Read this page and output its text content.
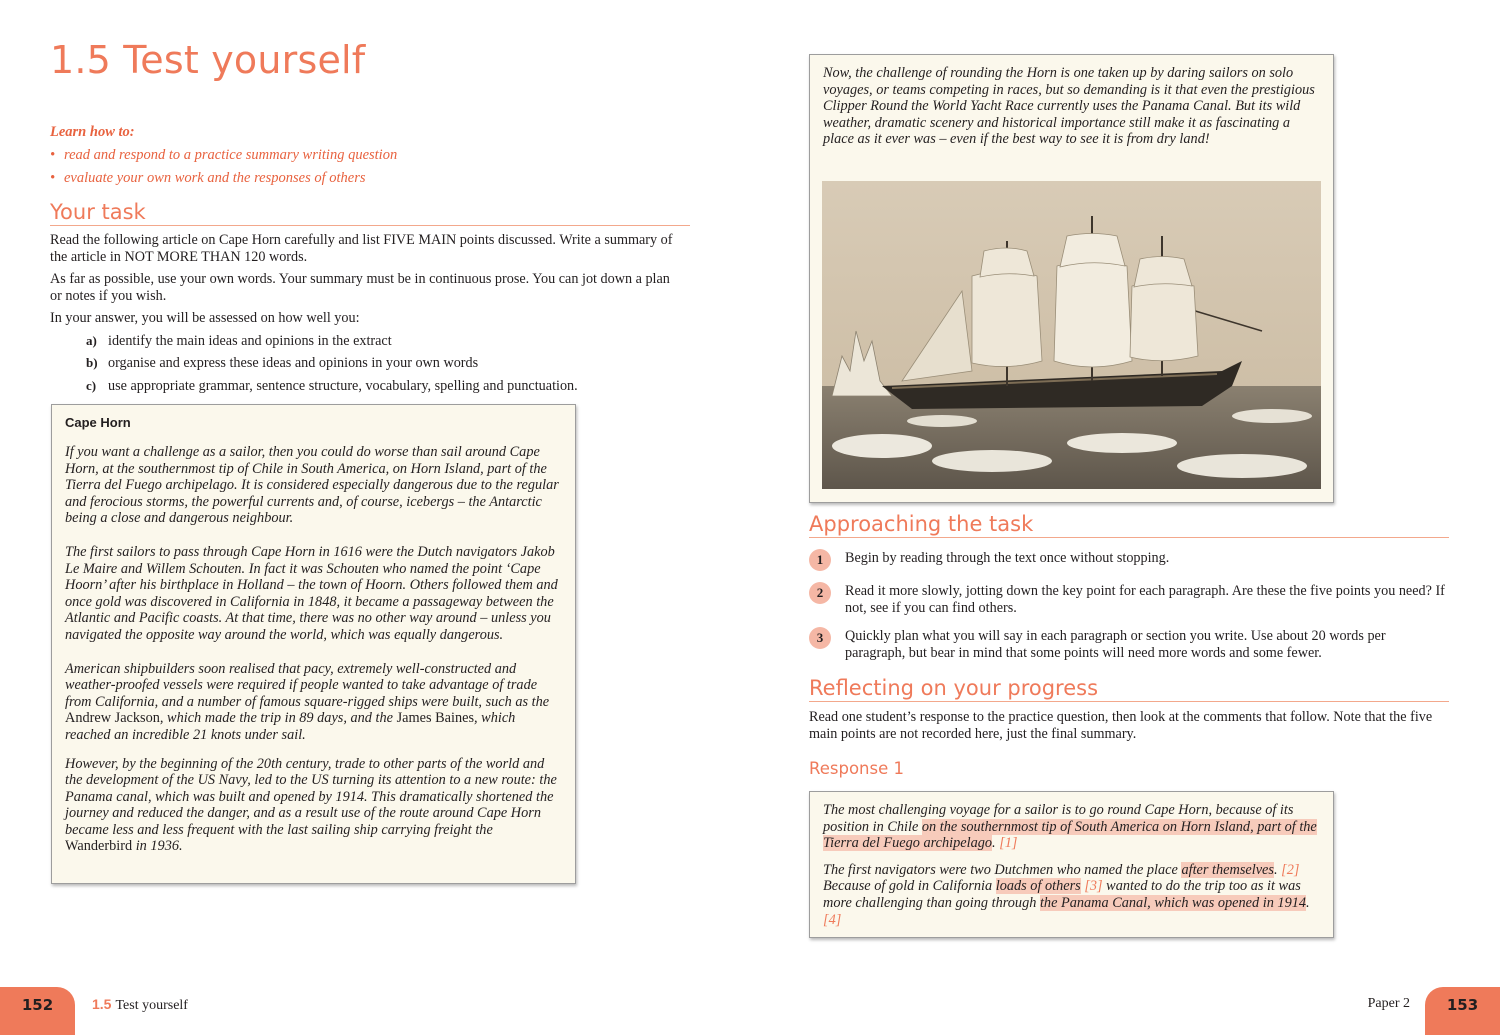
1.5 Test yourself
Learn how to:
• read and respond to a practice summary writing question
• evaluate your own work and the responses of others
Your task

Read the following article on Cape Horn carefully and list FIVE MAIN points discussed. Write a summary of the article in NOT MORE THAN 120 words.

As far as possible, use your own words. Your summary must be in continuous prose. You can jot down a plan or notes if you wish.

In your answer, you will be assessed on how well you:

a) identify the main ideas and opinions in the extract
b) organise and express these ideas and opinions in your own words
c) use appropriate grammar, sentence structure, vocabulary, spelling and punctuation.
Cape Horn

If you want a challenge as a sailor, then you could do worse than sail around Cape Horn, at the southernmost tip of Chile in South America, on Horn Island, part of the Tierra del Fuego archipelago. It is considered especially dangerous due to the regular and ferocious storms, the powerful currents and, of course, icebergs – the Antarctic being a close and dangerous neighbour.

The first sailors to pass through Cape Horn in 1616 were the Dutch navigators Jakob Le Maire and Willem Schouten. In fact it was Schouten who named the point ‘Cape Hoorn’ after his birthplace in Holland – the town of Hoorn. Others followed them and once gold was discovered in California in 1848, it became a passageway between the Atlantic and Pacific coasts. At that time, there was no other way around – unless you navigated the opposite way around the world, which was equally dangerous.

American shipbuilders soon realised that pacy, extremely well-constructed and weather-proofed vessels were required if people wanted to take advantage of trade from California, and a number of famous square-rigged ships were built, such as the Andrew Jackson, which made the trip in 89 days, and the James Baines, which reached an incredible 21 knots under sail.

However, by the beginning of the 20th century, trade to other parts of the world and the development of the US Navy, led to the US turning its attention to a new route: the Panama canal, which was built and opened by 1914. This dramatically shortened the journey and reduced the danger, and as a result use of the route around Cape Horn became less and less frequent with the last sailing ship carrying freight the Wanderbird in 1936.

152	1.5 Test yourself

Now, the challenge of rounding the Horn is one taken up by daring sailors on solo voyages, or teams competing in races, but so demanding is it that even the prestigious Clipper Round the World Yacht Race currently uses the Panama Canal. But its wild weather, dramatic scenery and historical importance still make it as fascinating a place as it ever was – even if the best way to see it is from dry land!

Approaching the task
1	Begin by reading through the text once without stopping.
2	Read it more slowly, jotting down the key point for each paragraph. Are these the five points you need? If not, see if you can find others.
3	Quickly plan what you will say in each paragraph or section you write. Use about 20 words per paragraph, but bear in mind that some points will need more words and some fewer.
Reflecting on your progress

Read one student’s response to the practice question, then look at the comments that follow. Note that the five main points are not recorded here, just the final summary.

Response 1

The most challenging voyage for a sailor is to go round Cape Horn, because of its position in Chile on the southernmost tip of South America on Horn Island, part of the Tierra del Fuego archipelago. [1]

The first navigators were two Dutchmen who named the place after themselves. [2] Because of gold in California loads of others [3] wanted to do the trip too as it was more challenging than going through the Panama Canal, which was opened in 1914. [4]

Paper 2	153
